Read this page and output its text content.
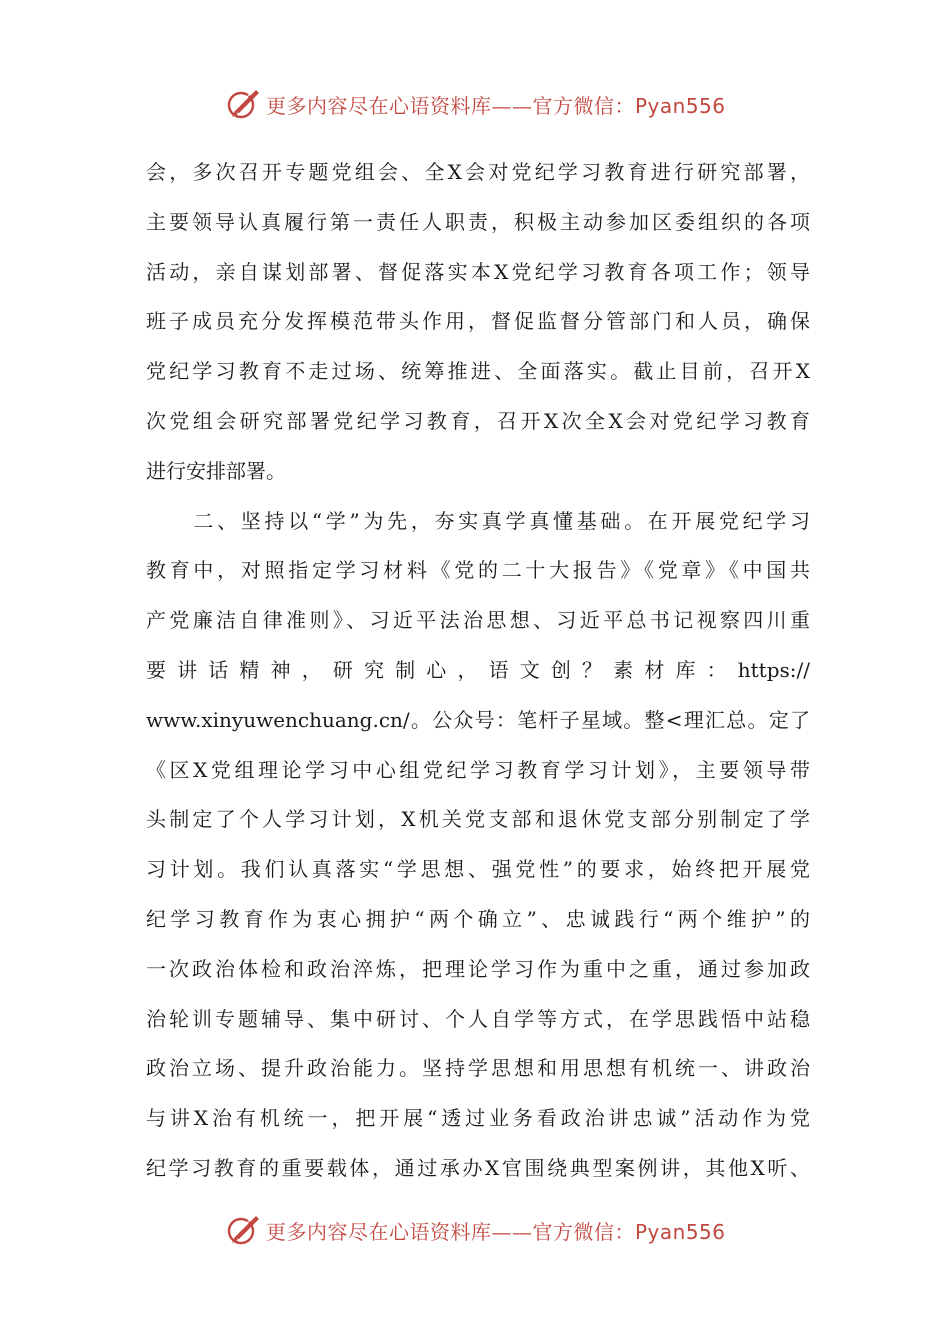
更多内容尽在心语资料库——官方微信：Pyan556
会，多次召开专题党组会、全X会对党纪学习教育进行研究部署，
主要领导认真履行第一责任人职责，积极主动参加区委组织的各项
活动，亲自谋划部署、督促落实本X党纪学习教育各项工作；领导
班子成员充分发挥模范带头作用，督促监督分管部门和人员，确保
党纪学习教育不走过场、统筹推进、全面落实。截止目前，召开X
次党组会研究部署党纪学习教育，召开X次全X会对党纪学习教育
进行安排部署。
　　二、坚持以“学”为先，夯实真学真懂基础。在开展党纪学习
教育中，对照指定学习材料《党的二十大报告》《党章》《中国共
产党廉洁自律准则》、习近平法治思想、习近平总书记视察四川重
要讲话精神，研究制心，语文创？素材库：https://
www.xinyuwenchuang.cn/。公众号：笔杆子星域。整<理汇总。定了
《区X党组理论学习中心组党纪学习教育学习计划》，主要领导带
头制定了个人学习计划，X机关党支部和退休党支部分别制定了学
习计划。我们认真落实“学思想、强党性”的要求，始终把开展党
纪学习教育作为衷心拥护“两个确立”、忠诚践行“两个维护”的
一次政治体检和政治淬炼，把理论学习作为重中之重，通过参加政
治轮训专题辅导、集中研讨、个人自学等方式，在学思践悟中站稳
政治立场、提升政治能力。坚持学思想和用思想有机统一、讲政治
与讲X治有机统一，把开展“透过业务看政治讲忠诚”活动作为党
纪学习教育的重要载体，通过承办X官围绕典型案例讲，其他X听、
更多内容尽在心语资料库——官方微信：Pyan556
